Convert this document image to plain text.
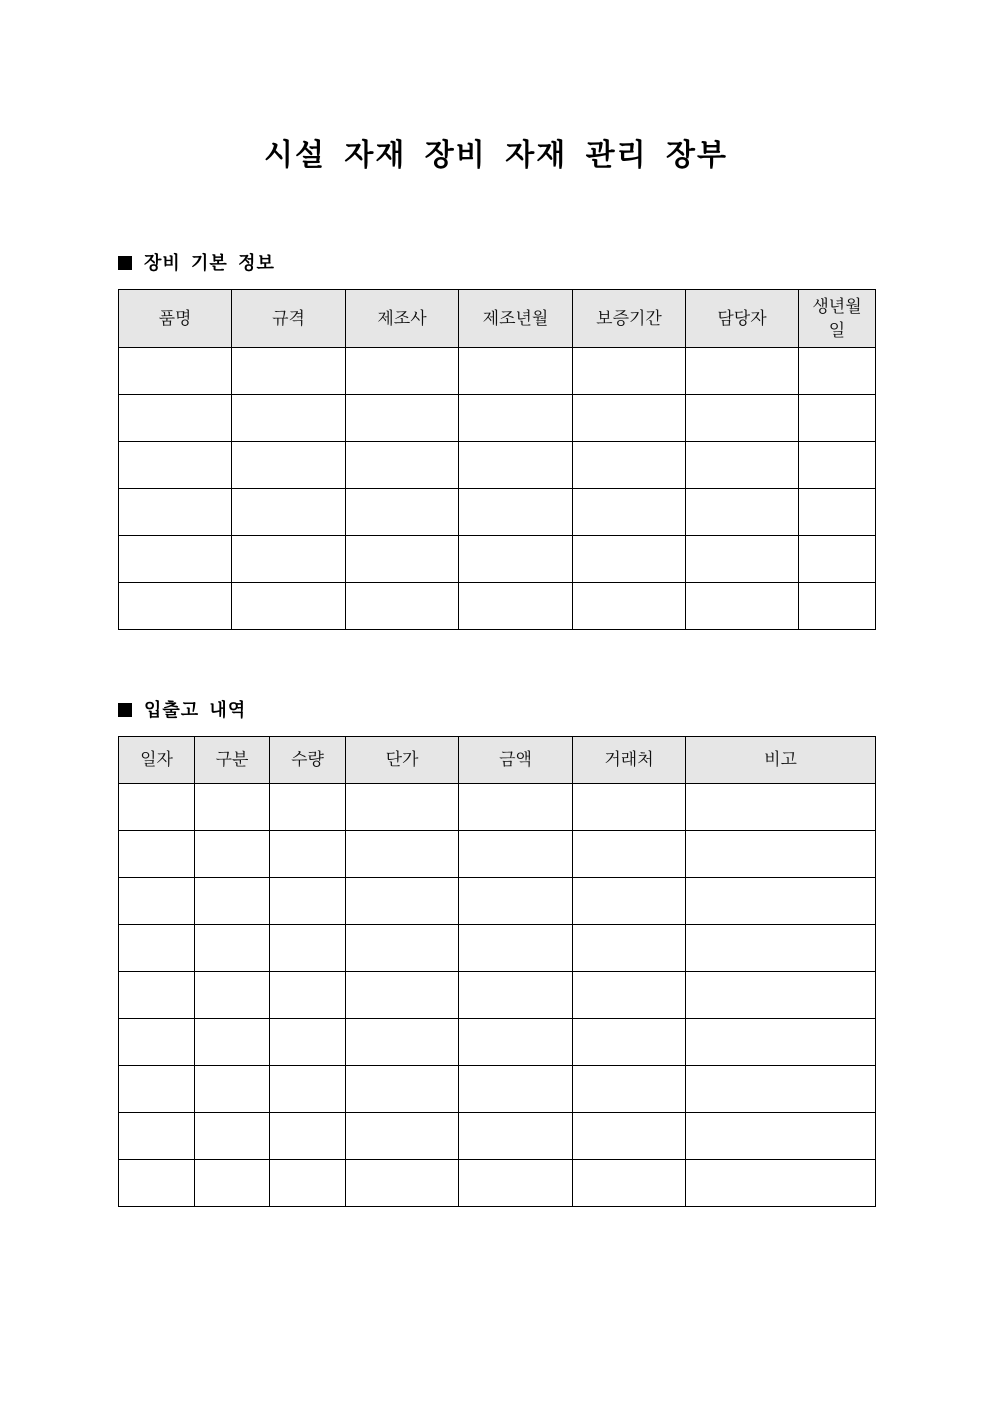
시설 자재 장비 자재 관리 장부
장비 기본 정보
품명	규격	제조사	제조년월	보증기간	담당자	생년월일

입출고 내역
일자	구분	수량	단가	금액	거래처	비고
